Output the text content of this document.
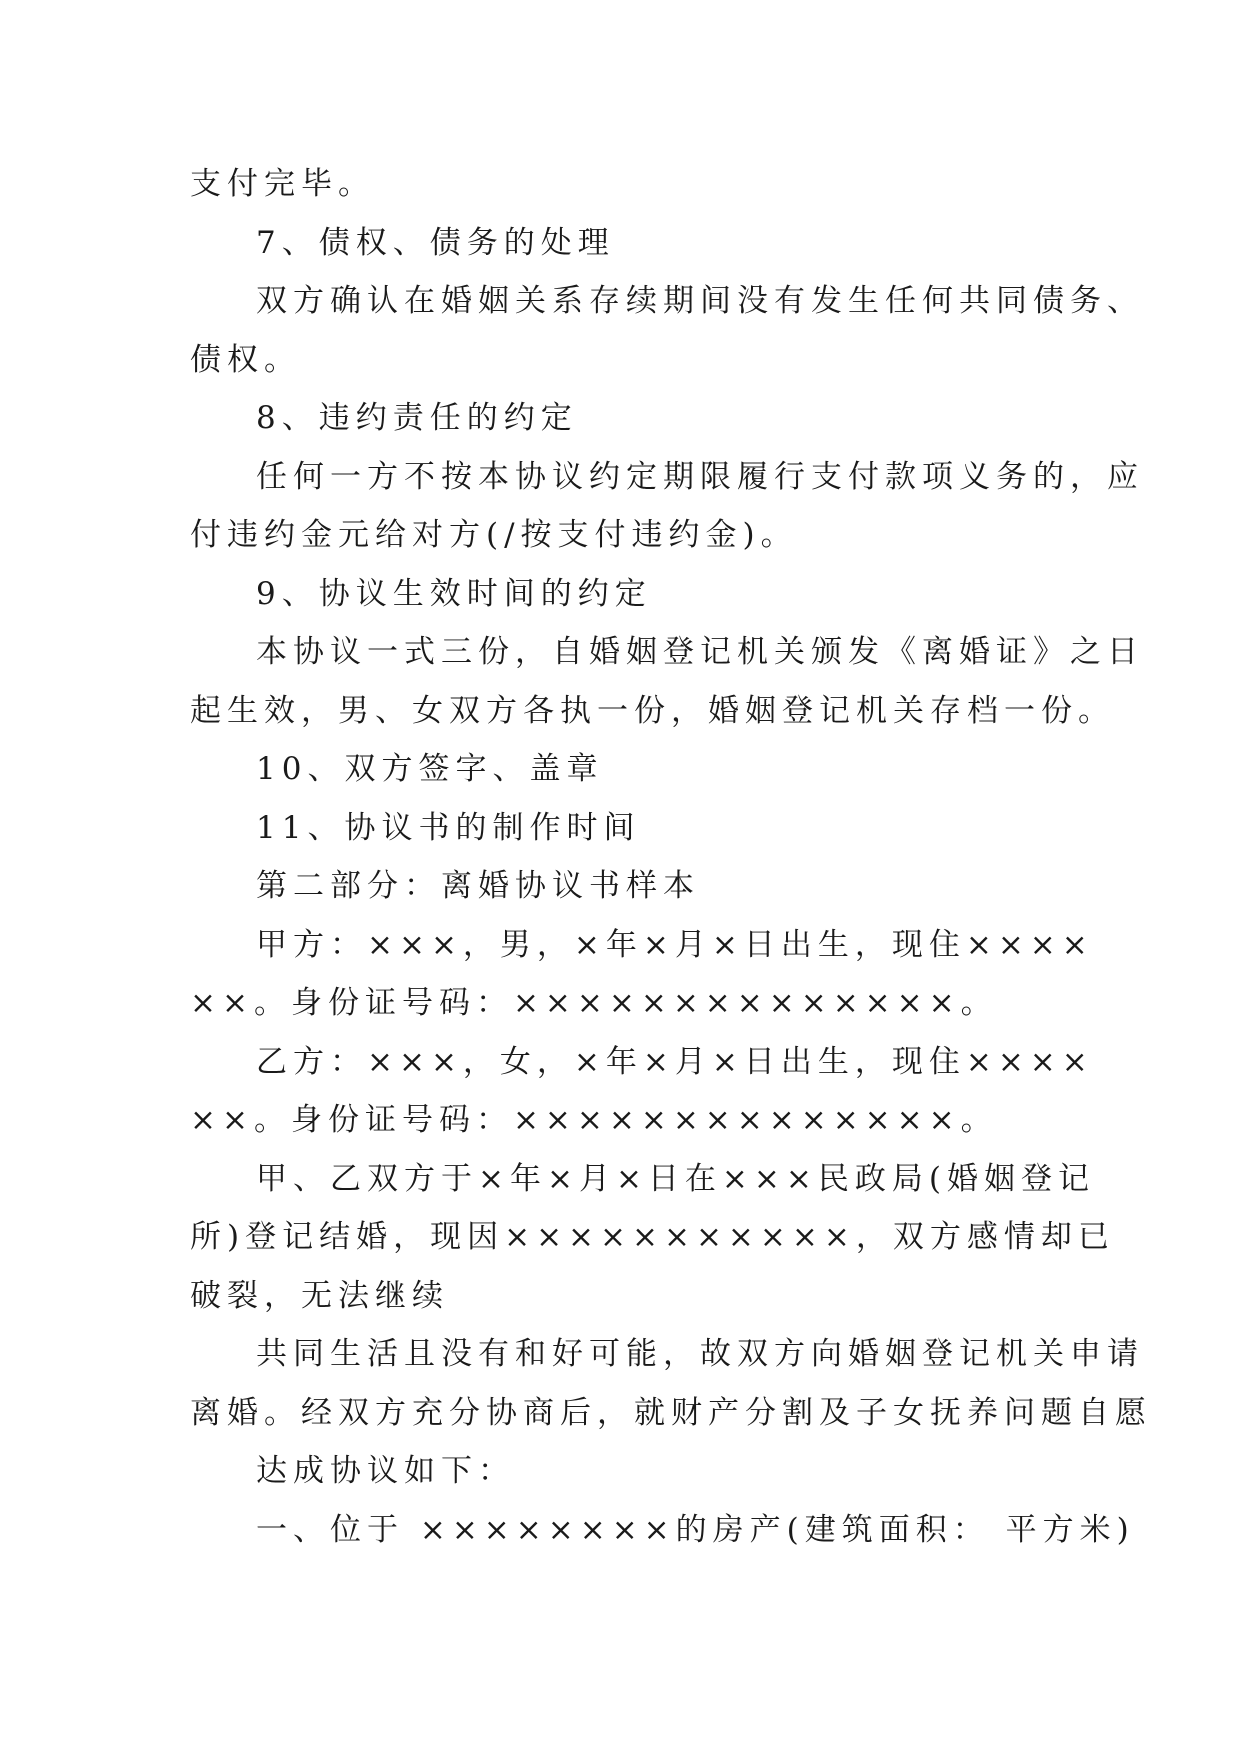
支付完毕。
7、债权、债务的处理
双方确认在婚姻关系存续期间没有发生任何共同债务、
债权。
8、违约责任的约定
任何一方不按本协议约定期限履行支付款项义务的，应
付违约金元给对方(/按支付违约金)。
9、协议生效时间的约定
本协议一式三份，自婚姻登记机关颁发《离婚证》之日
起生效，男、女双方各执一份，婚姻登记机关存档一份。
10、双方签字、盖章
11、协议书的制作时间
第二部分：离婚协议书样本
甲方：×××，男，×年×月×日出生，现住××××
××。身份证号码：××××××××××××××。
乙方：×××，女，×年×月×日出生，现住××××
××。身份证号码：××××××××××××××。
甲、乙双方于×年×月×日在×××民政局(婚姻登记
所)登记结婚，现因×××××××××××，双方感情却已
破裂，无法继续
共同生活且没有和好可能，故双方向婚姻登记机关申请
离婚。经双方充分协商后，就财产分割及子女抚养问题自愿
达成协议如下：
一、位于 ××××××××的房产(建筑面积： 平方米)
